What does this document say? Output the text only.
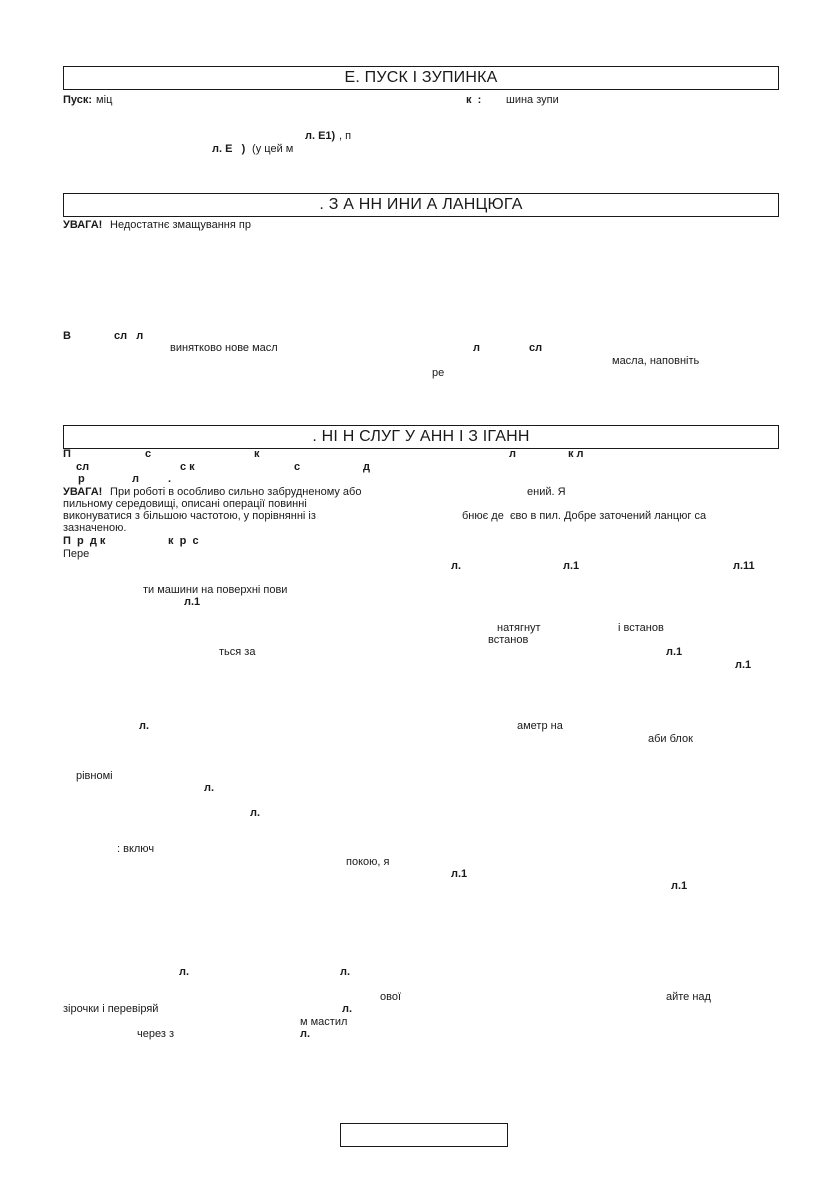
Е. ПУСК І ЗУПИНКА
Пуск: міц	к  : шина зупи
л. Е1) , п
л. Е   ) (у цей м
. З А НН ИНИ А ЛАНЦЮГА
УВАГА! Недостатнє змащування пр
В	сл   л
винятково нове масл	л	сл
масла, наповніть
ре
. НІ Н СЛУГ У АНН І З ІГАНН
П	с	к	л	к л
сл	с к	с	д
р	л	.
УВАГА! При роботі в особливо сильно забрудненому або	ений. Я
пильному середовищі, описані операції повинні
виконуватися з більшою частотою, у порівнянні із	бнює де  єво в пил. Добре заточений ланцюг са
зазначеною.
П  р  д к	к  р  с
Пере
л.	л.1	л.11
ти машини на поверхні пови
л.1
натягнут	і встанов
встанов
ться за	л.1
л.1
л.	аметр на
аби блок
рівномі
л.
л.
: включ
покою, я
л.1
л.1
л.	л.
ової	айте над
зірочки і перевіряй	л.
м мастил
через з	л.
